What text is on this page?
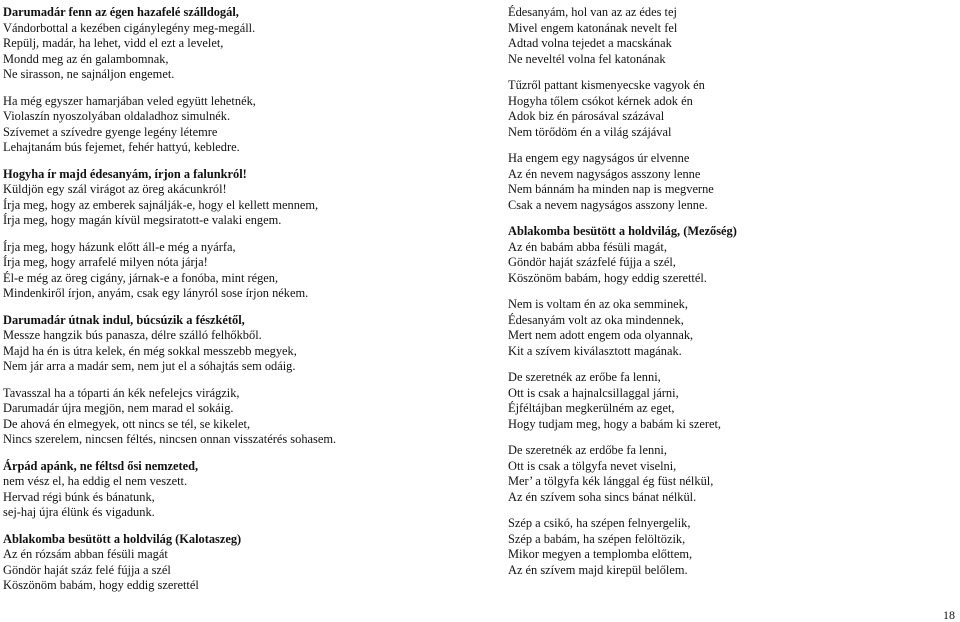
Darumadár fenn az égen hazafelé szálldogál,
Vándorbottal a kezében cigánylegény meg-megáll.
Repülj, madár, ha lehet, vidd el ezt a levelet,
Mondd meg az én galambomnak,
Ne sirasson, ne sajnáljon engemet.
Ha még egyszer hamarjában veled együtt lehetnék,
Violaszín nyoszolyában oldaladhoz simulnék.
Szívemet a szívedre gyenge legény létemre
Lehajtanám bús fejemet, fehér hattyú, kebledre.
Hogyha ír majd édesanyám, írjon a falunkról!
Küldjön egy szál virágot az öreg akácunkról!
Írja meg, hogy az emberek sajnálják-e, hogy el kellett mennem,
Írja meg, hogy magán kívül megsiratott-e valaki engem.
Írja meg, hogy házunk előtt áll-e még a nyárfa,
Írja meg, hogy arrafelé milyen nóta járja!
Él-e még az öreg cigány, járnak-e a fonóba, mint régen,
Mindenkiről írjon, anyám, csak egy lányról sose írjon nékem.
Darumadár útnak indul, búcsúzik a fészkétől,
Messze hangzik bús panasza, délre szálló felhőkből.
Majd ha én is útra kelek, én még sokkal messzebb megyek,
Nem jár arra a madár sem, nem jut el a sóhajtás sem odáig.
Tavasszal ha a tóparti án kék nefelejcs virágzik,
Darumadár újra megjön, nem marad el sokáig.
De ahová én elmegyek, ott nincs se tél, se kikelet,
Nincs szerelem, nincsen féltés, nincsen onnan visszatérés sohasem.
Árpád apánk, ne féltsd ősi nemzeted,
nem vész el, ha eddig el nem veszett.
Hervad régi búnk és bánatunk,
sej-haj újra élünk és vigadunk.
Ablakomba besütött a holdvilág (Kalotaszeg)
Az én rózsám abban fésüli magát
Göndör haját száz felé fújja a szél
Köszönöm babám, hogy eddig szerettél
Édesanyám, hol van az az édes tej
Mivel engem katonának nevelt fel
Adtad volna tejedet a macskának
Ne neveltél volna fel katonának
Tűzről pattant kismenyecske vagyok én
Hogyha tőlem csókot kérnek adok én
Adok biz én párosával százával
Nem törődöm én a világ szájával
Ha engem egy nagyságos úr elvenne
Az én nevem nagyságos asszony lenne
Nem bánnám ha minden nap is megverne
Csak a nevem nagyságos asszony lenne.
Ablakomba besütött a holdvilág, (Mezőség)
Az én babám abba fésüli magát,
Göndör haját százfelé fújja a szél,
Köszönöm babám, hogy eddig szerettél.
Nem is voltam én az oka semminek,
Édesanyám volt az oka mindennek,
Mert nem adott engem oda olyannak,
Kit a szívem kiválasztott magának.
De szeretnék az erőbe fa lenni,
Ott is csak a hajnalcsillaggal járni,
Éjféltájban megkerülném az eget,
Hogy tudjam meg, hogy a babám ki szeret,
De szeretnék az erdőbe fa lenni,
Ott is csak a tölgyfa nevet viselni,
Mer’ a tölgyfa kék lánggal ég füst nélkül,
Az én szívem soha sincs bánat nélkül.
Szép a csikó, ha szépen felnyergelik,
Szép a babám, ha szépen felöltözik,
Mikor megyen a templomba előttem,
Az én szívem majd kirepül belőlem.
18
